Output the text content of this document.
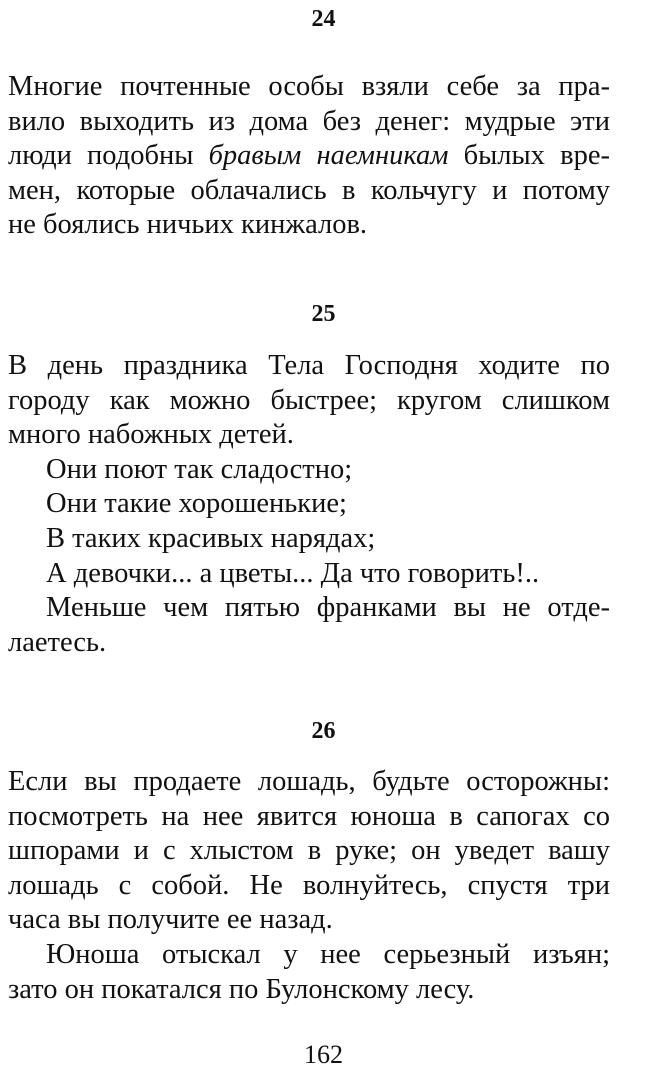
24

Многие почтенные особы взяли себе за пра-

вило выходить из дома без денег: мудрые эти

люди подобны бравым наемникам былых вре-

мен, которые облачались в кольчугу и потому

не боялись ничьих кинжалов.

25

В день праздника Тела Господня ходите по

городу как можно быстрее; кругом слишком

много набожных детей.

Они поют так сладостно;

Они такие хорошенькие;

В таких красивых нарядах;

А девочки... а цветы... Да что говорить!..

Меньше чем пятью франками вы не отде-

лаетесь.

26

Если вы продаете лошадь, будьте осторожны:

посмотреть на нее явится юноша в сапогах со

шпорами и с хлыстом в руке; он уведет вашу

лошадь с собой. Не волнуйтесь, спустя три

часа вы получите ее назад.

Юноша отыскал у нее серьезный изъян;

зато он покатался по Булонскому лесу.

162
